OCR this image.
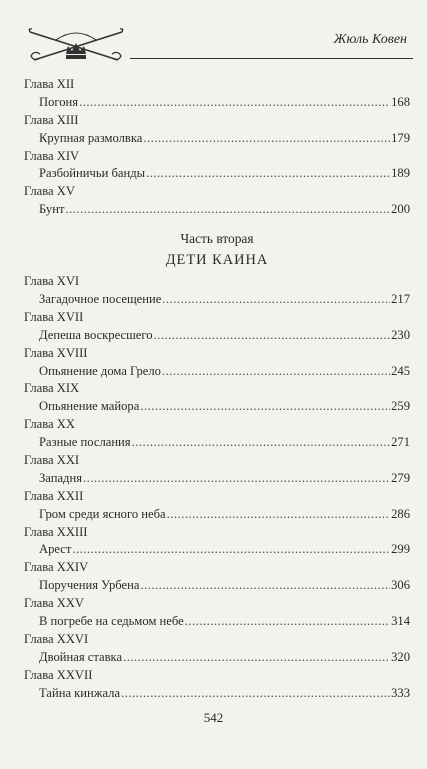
Жюль Ковен
Глава XII
Погоня .....	168
Глава XIII
Крупная размолвка .....	179
Глава XIV
Разбойничьи банды .....	189
Глава XV
Бунт .....	200
Часть вторая
ДЕТИ КАИНА
Глава XVI
Загадочное посещение .....	217
Глава XVII
Депеша воскресшего .....	230
Глава XVIII
Опьянение дома Грело .....	245
Глава XIX
Опьянение майора .....	259
Глава XX
Разные послания .....	271
Глава XXI
Западня .....	279
Глава XXII
Гром среди ясного неба .....	286
Глава XXIII
Арест .....	299
Глава XXIV
Поручения Урбена .....	306
Глава XXV
В погребе на седьмом небе .....	314
Глава XXVI
Двойная ставка .....	320
Глава XXVII
Тайна кинжала .....	333
542
